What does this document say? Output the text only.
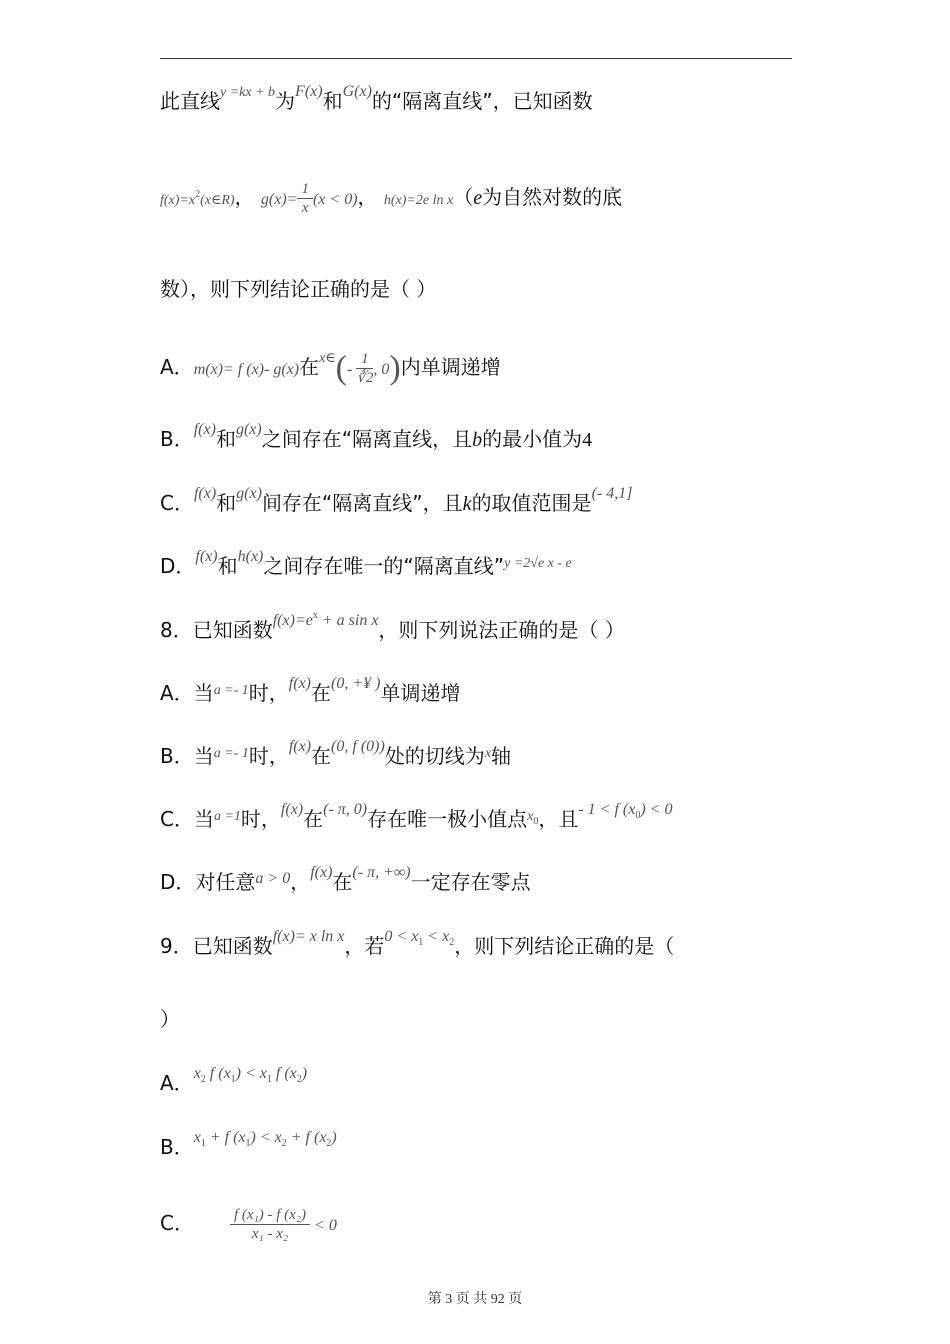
此直线$^{y =kx + b}$为$^{F(x)}$和$^{G(x)}$的“隔离直线”，已知函数
$f(x)=x^2(x\in R)$， $g(x)= \frac{1}{x} (x < 0)$， h(x)=2e ln x（e为自然对数的底
数），则下列结论正确的是（ ）
A．m(x)= f (x)- g(x)在$^{x\in}(- \frac{1}{∛2}$ , 0)内单调递增
B．$^{f(x)}$和$^{g(x)}$之间存在“隔离直线，且b的最小值为4
C．$^{f(x)}$和$^{g(x)}$间存在“隔离直线”，且k的取值范围是$^{(- 4,1]}$
D．$^{f(x)}$和$^{h(x)}$之间存在唯一的“隔离直线”$^{y =2√e x - e}$
8．已知函数$^{f(x)=e^x + a sin x}$，则下列说法正确的是（ ）
A．当$^{a =- 1}$时，$^{f(x)}$在$^{(0, +¥ )}$单调递增
B．当$^{a =- 1}$时，$^{f(x)}$在$^{(0, f (0))}$处的切线为$^x$轴
C．当$^{a =1}$时，$^{f(x)}$在$^{(- \pi, 0)}$存在唯一极小值点$^{x_0}$，且$^{- 1 < f (x_0) < 0}$
D．对任意$^{a > 0}$，$^{f(x)}$在$^{(- \pi, +\infty)}$一定存在零点
9．已知函数$^{f(x)= x ln x}$，若$^{0 < x_1 < x_2}$，则下列结论正确的是（
）
A．$^{x_2 f (x_1) < x_1 f (x_2)}$
B．$^{x_1 + f (x_1) < x_2 + f (x_2)}$
C． $\frac{\text{f (x₁) - f (x₂)}}{\text{x₁ - x₂}} < 0$
第 3 页 共 92 页
